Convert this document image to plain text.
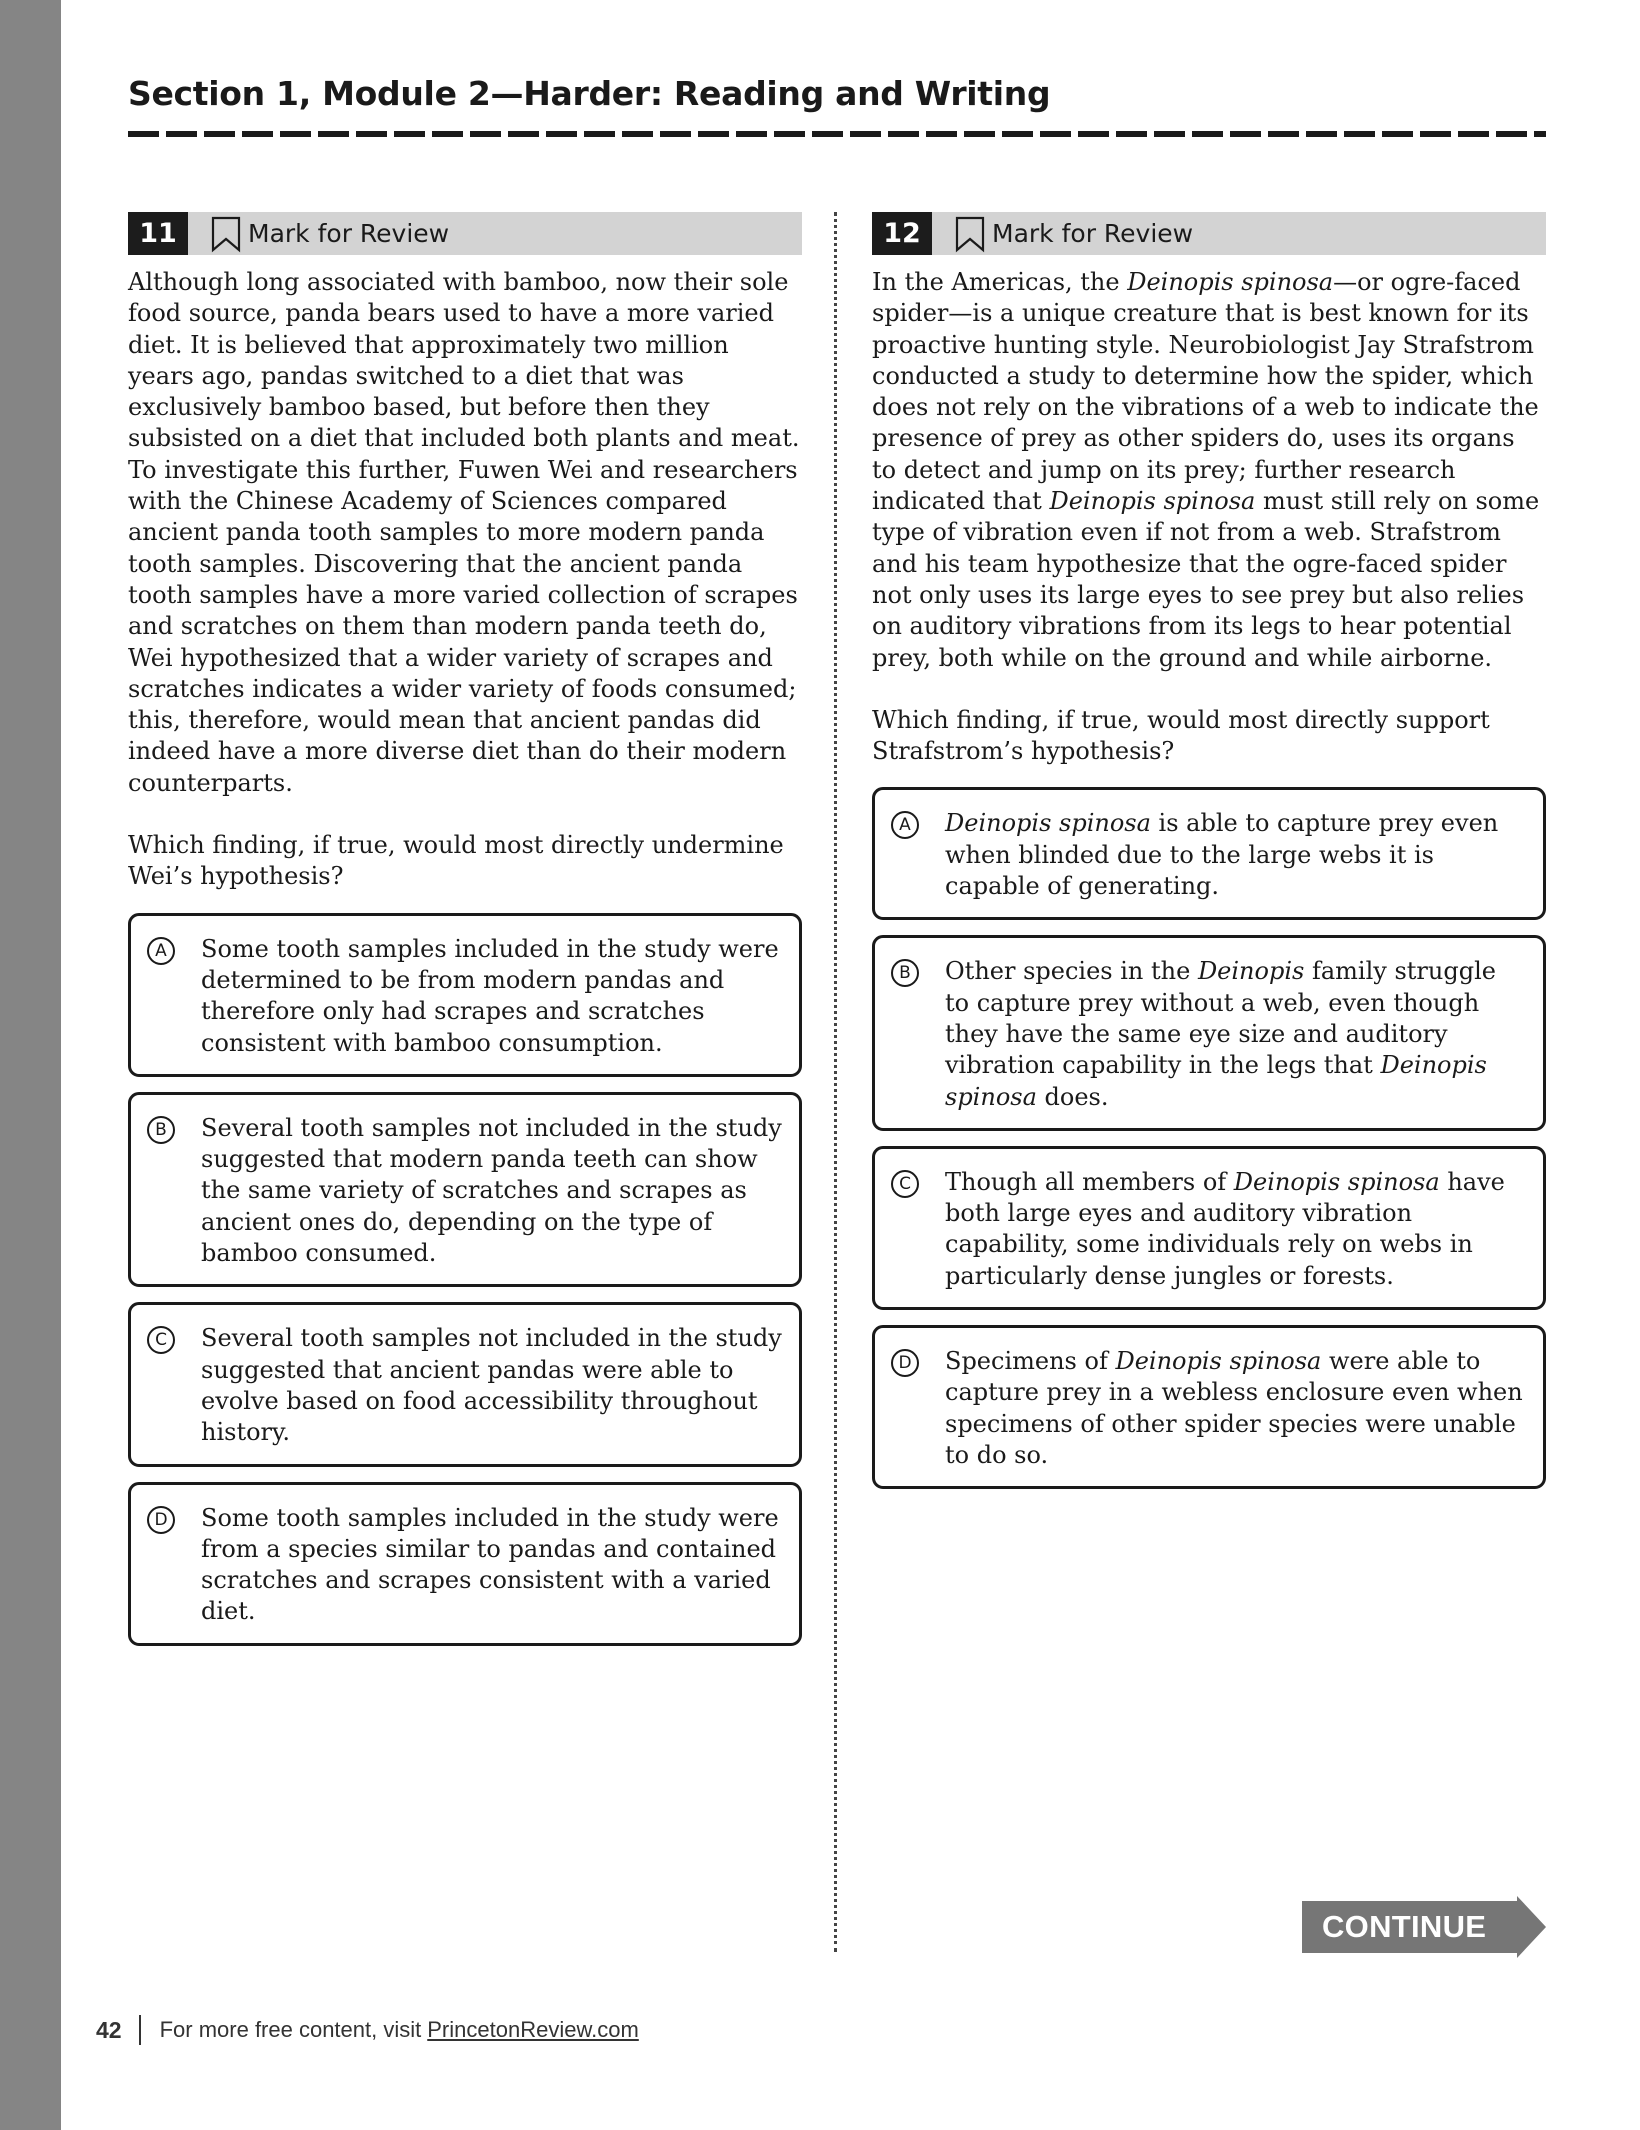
Section 1, Module 2—Harder: Reading and Writing
11	Mark for Review

Although long associated with bamboo, now their sole food source, panda bears used to have a more varied diet. It is believed that approximately two million years ago, pandas switched to a diet that was exclusively bamboo based, but before then they subsisted on a diet that included both plants and meat. To investigate this further, Fuwen Wei and researchers with the Chinese Academy of Sciences compared ancient panda tooth samples to more modern panda tooth samples. Discovering that the ancient panda tooth samples have a more varied collection of scrapes and scratches on them than modern panda teeth do, Wei hypothesized that a wider variety of scrapes and scratches indicates a wider variety of foods consumed; this, therefore, would mean that ancient pandas did indeed have a more diverse diet than do their modern counterparts.

Which finding, if true, would most directly undermine Wei’s hypothesis?

A	Some tooth samples included in the study were determined to be from modern pandas and therefore only had scrapes and scratches consistent with bamboo consumption.
B	Several tooth samples not included in the study suggested that modern panda teeth can show the same variety of scratches and scrapes as ancient ones do, depending on the type of bamboo consumed.
C	Several tooth samples not included in the study suggested that ancient pandas were able to evolve based on food accessibility throughout history.
D	Some tooth samples included in the study were from a species similar to pandas and contained scratches and scrapes consistent with a varied diet.
12	Mark for Review

In the Americas, the Deinopis spinosa—or ogre-faced spider—is a unique creature that is best known for its proactive hunting style. Neurobiologist Jay Strafstrom conducted a study to determine how the spider, which does not rely on the vibrations of a web to indicate the presence of prey as other spiders do, uses its organs to detect and jump on its prey; further research indicated that Deinopis spinosa must still rely on some type of vibration even if not from a web. Strafstrom and his team hypothesize that the ogre-faced spider not only uses its large eyes to see prey but also relies on auditory vibrations from its legs to hear potential prey, both while on the ground and while airborne.

Which finding, if true, would most directly support Strafstrom’s hypothesis?

A	Deinopis spinosa is able to capture prey even when blinded due to the large webs it is capable of generating.
B	Other species in the Deinopis family struggle to capture prey without a web, even though they have the same eye size and auditory vibration capability in the legs that Deinopis spinosa does.
C	Though all members of Deinopis spinosa have both large eyes and auditory vibration capability, some individuals rely on webs in particularly dense jungles or forests.
D	Specimens of Deinopis spinosa were able to capture prey in a webless enclosure even when specimens of other spider species were unable to do so.
CONTINUE
42 For more free content, visit PrincetonReview.com
